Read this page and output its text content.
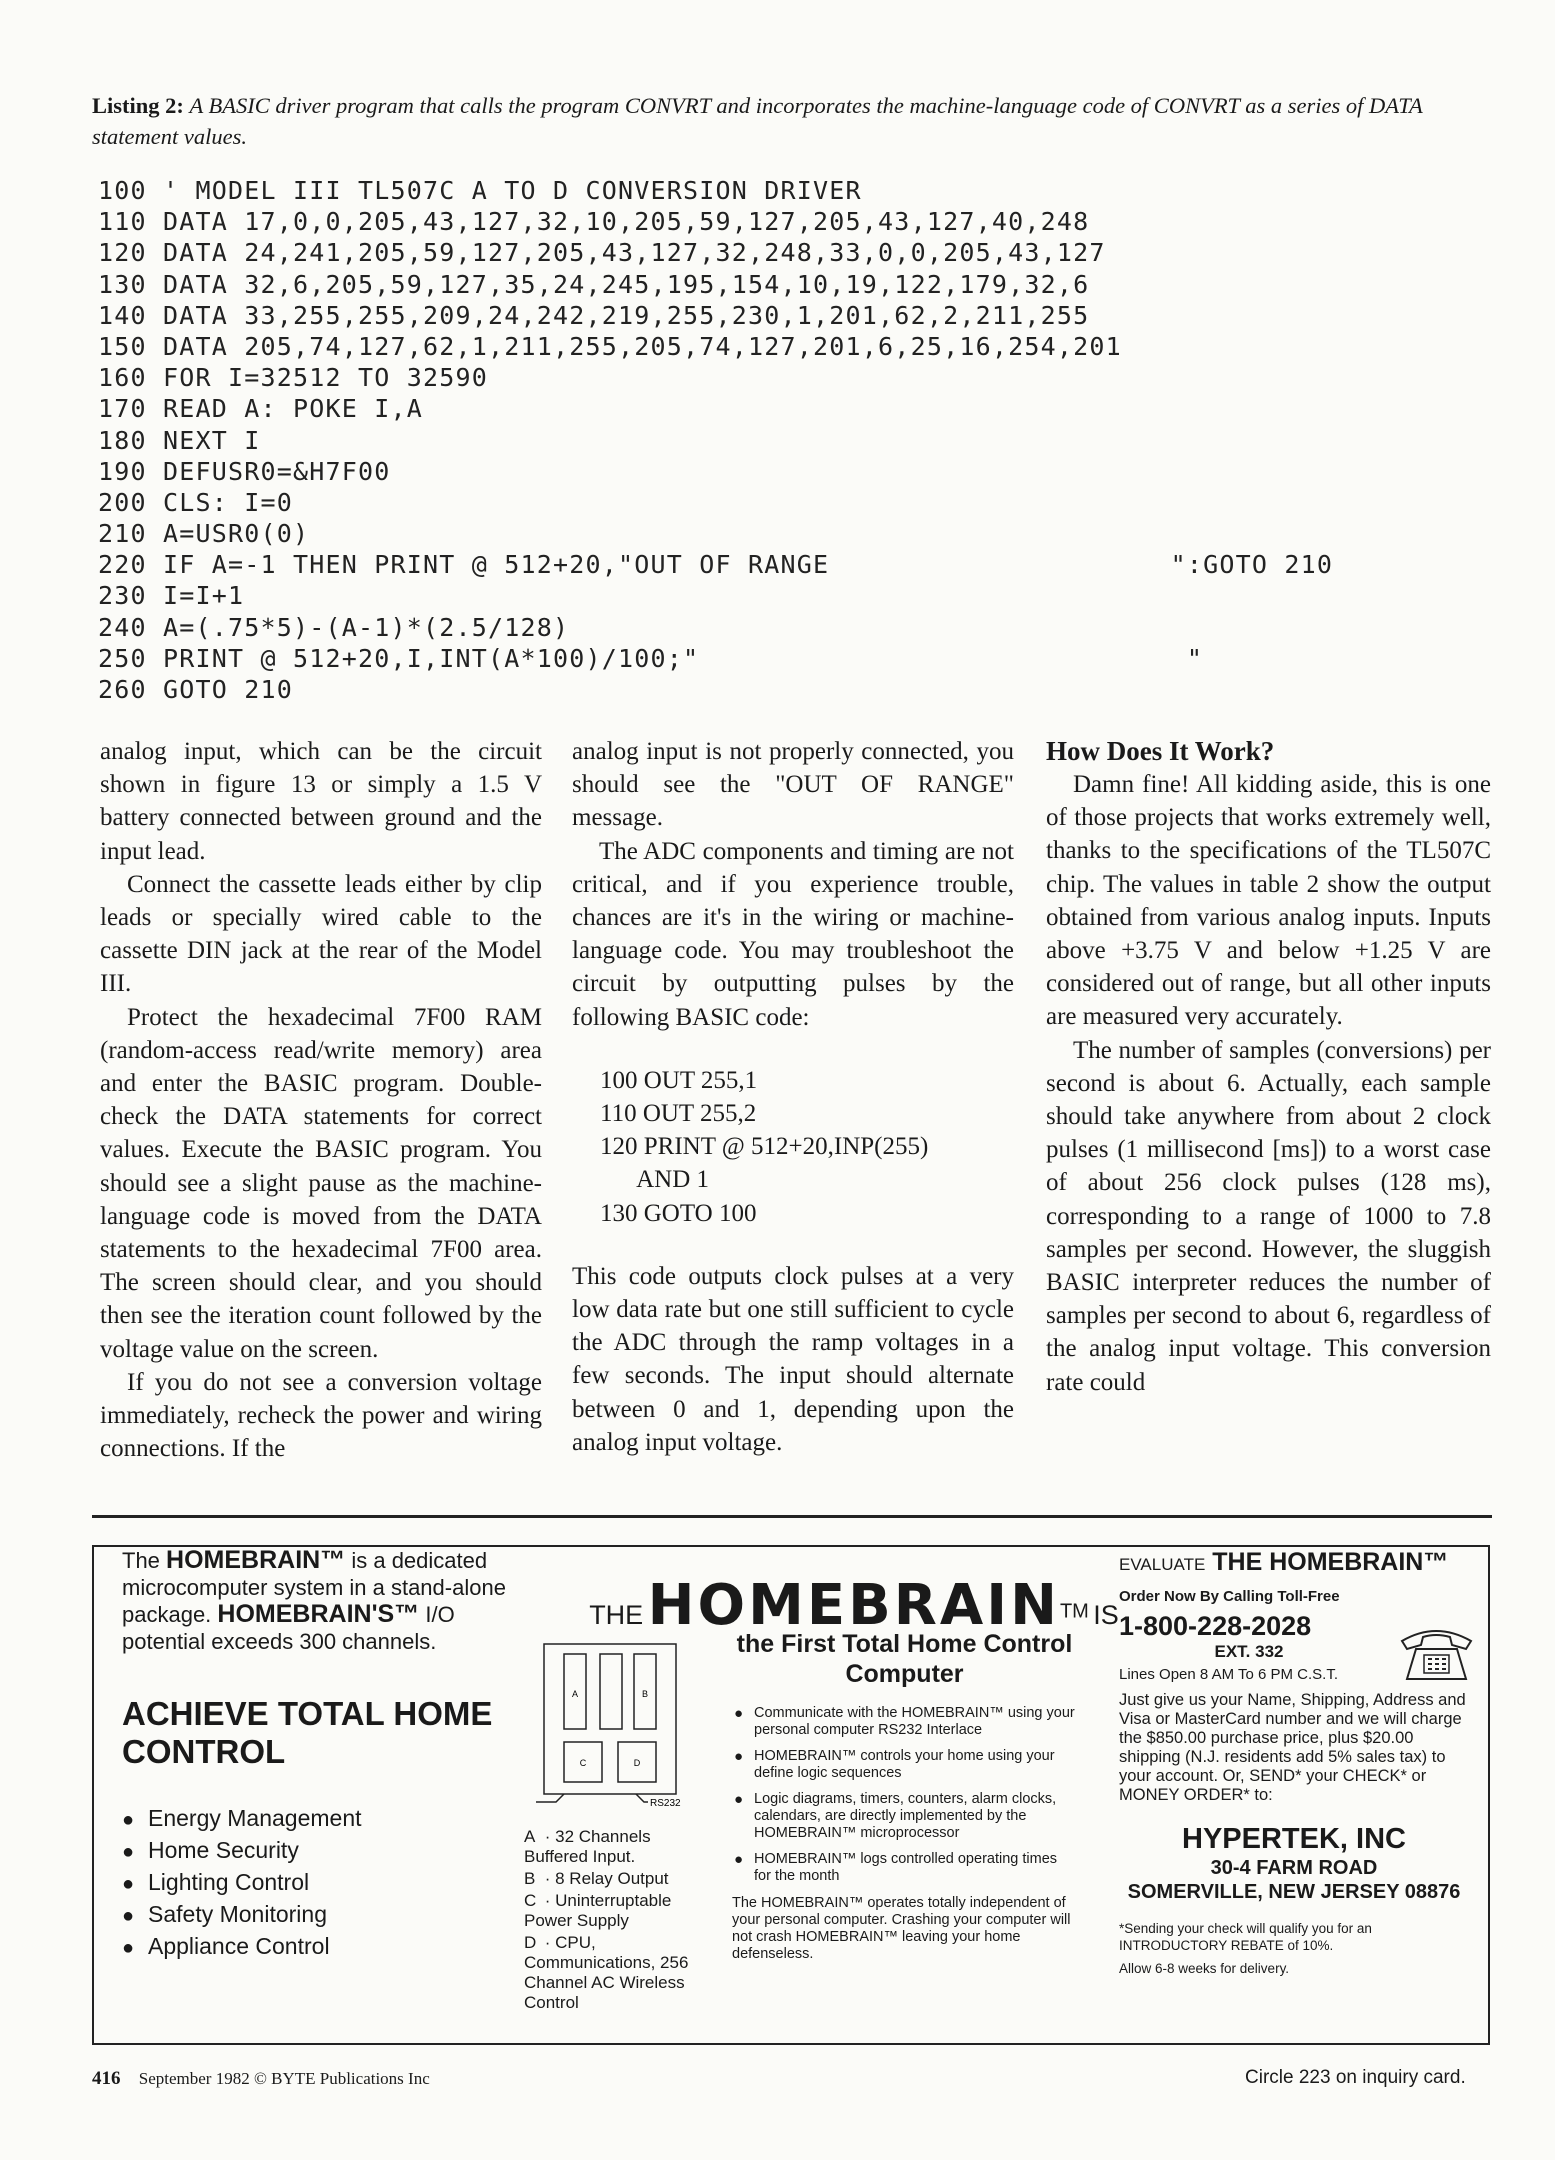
Listing 2: A BASIC driver program that calls the program CONVRT and incorporates the machine-language code of CONVRT as a series of DATA statement values.
100 ' MODEL III TL507C A TO D CONVERSION DRIVER
110 DATA 17,0,0,205,43,127,32,10,205,59,127,205,43,127,40,248
120 DATA 24,241,205,59,127,205,43,127,32,248,33,0,0,205,43,127
130 DATA 32,6,205,59,127,35,24,245,195,154,10,19,122,179,32,6
140 DATA 33,255,255,209,24,242,219,255,230,1,201,62,2,211,255
150 DATA 205,74,127,62,1,211,255,205,74,127,201,6,25,16,254,201
160 FOR I=32512 TO 32590
170 READ A: POKE I,A
180 NEXT I
190 DEFUSR0=&H7F00
200 CLS: I=0
210 A=USR0(0)
220 IF A=-1 THEN PRINT @ 512+20,"OUT OF RANGE                     ":GOTO 210
230 I=I+1
240 A=(.75*5)-(A-1)*(2.5/128)
250 PRINT @ 512+20,I,INT(A*100)/100;"                              "
260 GOTO 210

analog input, which can be the circuit shown in figure 13 or simply a 1.5 V battery connected between ground and the input lead.

Connect the cassette leads either by clip leads or specially wired cable to the cassette DIN jack at the rear of the Model III.

Protect the hexadecimal 7F00 RAM (random-access read/write memory) area and enter the BASIC program. Double-check the DATA statements for correct values. Execute the BASIC program. You should see a slight pause as the machine-language code is moved from the DATA statements to the hexadecimal 7F00 area. The screen should clear, and you should then see the iteration count followed by the voltage value on the screen.

If you do not see a conversion voltage immediately, recheck the power and wiring connections. If the

analog input is not properly connected, you should see the "OUT OF RANGE" message.

The ADC components and timing are not critical, and if you experience trouble, chances are it's in the wiring or machine-language code. You may troubleshoot the circuit by outputting pulses by the following BASIC code:

100 OUT 255,1
110 OUT 255,2
120 PRINT @ 512+20,INP(255)
AND 1
130 GOTO 100

This code outputs clock pulses at a very low data rate but one still sufficient to cycle the ADC through the ramp voltages in a few seconds. The input should alternate between 0 and 1, depending upon the analog input voltage.

How Does It Work?

Damn fine! All kidding aside, this is one of those projects that works extremely well, thanks to the specifications of the TL507C chip. The values in table 2 show the output obtained from various analog inputs. Inputs above +3.75 V and below +1.25 V are considered out of range, but all other inputs are measured very accurately.

The number of samples (conversions) per second is about 6. Actually, each sample should take anywhere from about 2 clock pulses (1 millisecond [ms]) to a worst case of about 256 clock pulses (128 ms), corresponding to a range of 1000 to 7.8 samples per second. However, the sluggish BASIC interpreter reduces the number of samples per second to about 6, regardless of the analog input voltage. This conversion rate could

The HOMEBRAIN™ is a dedicated microcomputer system in a stand-alone package. HOMEBRAIN'S™ I/O potential exceeds 300 channels.
ACHIEVE TOTAL HOME CONTROL
● Energy Management
● Home Security
● Lighting Control
● Safety Monitoring
● Appliance Control
THE HOMEBRAIN™ IS
A	B
C	D
RS232
A · 32 Channels Buffered Input.
B · 8 Relay Output
C · Uninterruptable Power Supply
D · CPU, Communications, 256 Channel AC Wireless Control
the First Total Home Control Computer
● Communicate with the HOMEBRAIN™ using your personal computer RS232 Interlace
● HOMEBRAIN™ controls your home using your define logic sequences
● Logic diagrams, timers, counters, alarm clocks, calendars, are directly implemented by the HOMEBRAIN™ microprocessor
● HOMEBRAIN™ logs controlled operating times for the month
The HOMEBRAIN™ operates totally independent of your personal computer. Crashing your computer will not crash HOMEBRAIN™ leaving your home defenseless.
EVALUATE THE HOMEBRAIN™
Order Now By Calling Toll-Free
1-800-228-2028
EXT. 332
Lines Open 8 AM To 6 PM C.S.T.
Just give us your Name, Shipping, Address and Visa or MasterCard number and we will charge the $850.00 purchase price, plus $20.00 shipping (N.J. residents add 5% sales tax) to your account. Or, SEND* your CHECK* or MONEY ORDER* to:
HYPERTEK, INC
30-4 FARM ROAD
SOMERVILLE, NEW JERSEY 08876
*Sending your check will qualify you for an INTRODUCTORY REBATE of 10%.
Allow 6-8 weeks for delivery.
416 September 1982 © BYTE Publications Inc	Circle 223 on inquiry card.
